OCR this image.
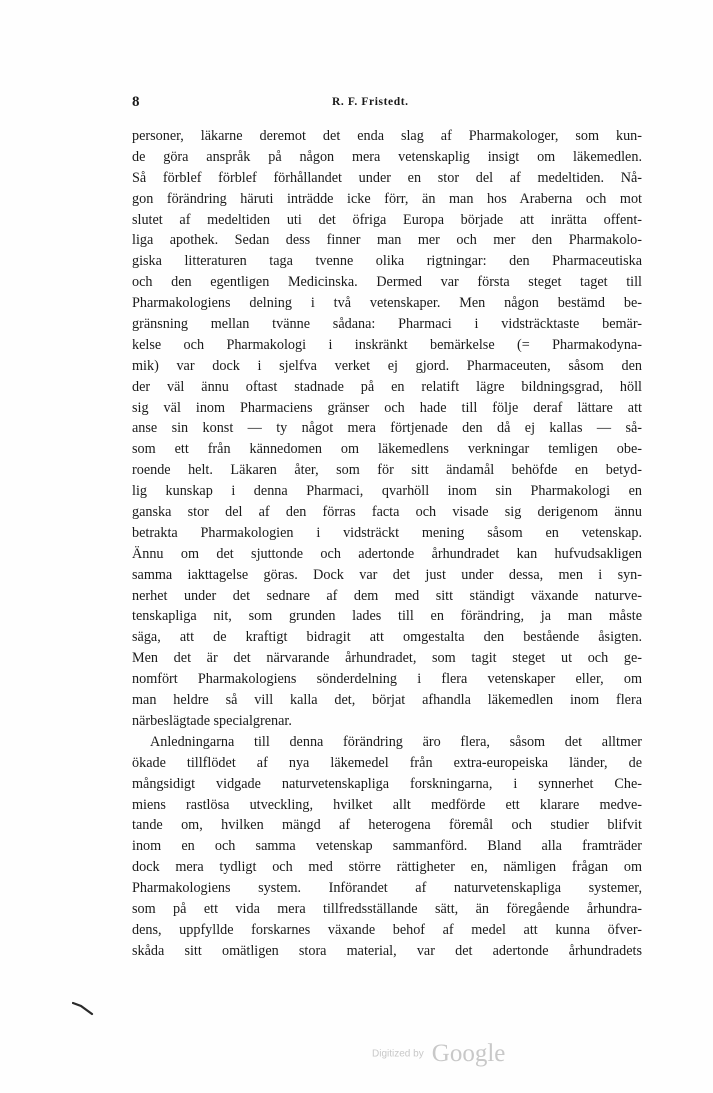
8	R. F. Fristedt.
personer, läkarne deremot det enda slag af Pharmakologer, som kun-
de göra anspråk på någon mera vetenskaplig insigt om läkemedlen.
Så förblef förblef förhållandet under en stor del af medeltiden. Nå-
gon förändring häruti inträdde icke förr, än man hos Araberna och mot
slutet af medeltiden uti det öfriga Europa började att inrätta offent-
liga apothek. Sedan dess finner man mer och mer den Pharmakolo-
giska litteraturen taga tvenne olika rigtningar: den Pharmaceutiska
och den egentligen Medicinska. Dermed var första steget taget till
Pharmakologiens delning i två vetenskaper. Men någon bestämd be-
gränsning mellan tvänne sådana: Pharmaci i vidsträcktaste bemär-
kelse och Pharmakologi i inskränkt bemärkelse (= Pharmakodyna-
mik) var dock i sjelfva verket ej gjord. Pharmaceuten, såsom den
der väl ännu oftast stadnade på en relatift lägre bildningsgrad, höll
sig väl inom Pharmaciens gränser och hade till följe deraf lättare att
anse sin konst — ty något mera förtjenade den då ej kallas — så-
som ett från kännedomen om läkemedlens verkningar temligen obe-
roende helt. Läkaren åter, som för sitt ändamål behöfde en betyd-
lig kunskap i denna Pharmaci, qvarhöll inom sin Pharmakologi en
ganska stor del af den förras facta och visade sig derigenom ännu
betrakta Pharmakologien i vidsträckt mening såsom en vetenskap.
Ännu om det sjuttonde och adertonde århundradet kan hufvudsakligen
samma iakttagelse göras. Dock var det just under dessa, men i syn-
nerhet under det sednare af dem med sitt ständigt växande naturve-
tenskapliga nit, som grunden lades till en förändring, ja man måste
säga, att de kraftigt bidragit att omgestalta den bestående åsigten.
Men det är det närvarande århundradet, som tagit steget ut och ge-
nomfört Pharmakologiens sönderdelning i flera vetenskaper eller, om
man heldre så vill kalla det, börjat afhandla läkemedlen inom flera
närbeslägtade specialgrenar.
Anledningarna till denna förändring äro flera, såsom det alltmer
ökade tillflödet af nya läkemedel från extra-europeiska länder, de
mångsidigt vidgade naturvetenskapliga forskningarna, i synnerhet Che-
miens rastlösa utveckling, hvilket allt medförde ett klarare medve-
tande om, hvilken mängd af heterogena föremål och studier blifvit
inom en och samma vetenskap sammanförd. Bland alla framträder
dock mera tydligt och med större rättigheter en, nämligen frågan om
Pharmakologiens system. Införandet af naturvetenskapliga systemer,
som på ett vida mera tillfredsställande sätt, än föregående århundra-
dens, uppfyllde forskarnes växande behof af medel att kunna öfver-
skåda sitt omätligen stora material, var det adertonde århundradets
Digitized by Google
